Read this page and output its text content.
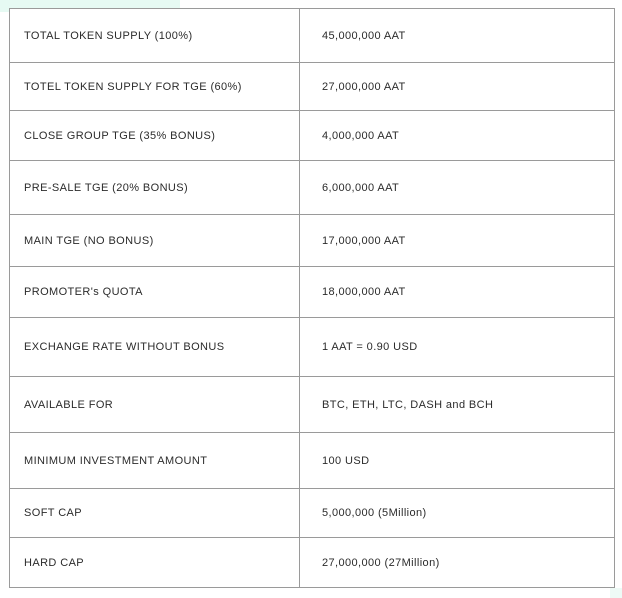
TOTAL TOKEN SUPPLY (100%)	45,000,000 AAT
TOTEL TOKEN SUPPLY FOR TGE (60%)	27,000,000 AAT
CLOSE GROUP TGE (35% BONUS)	4,000,000 AAT
PRE-SALE TGE (20% BONUS)	6,000,000 AAT
MAIN TGE (NO BONUS)	17,000,000 AAT
PROMOTER's QUOTA	18,000,000 AAT
EXCHANGE RATE WITHOUT BONUS	1 AAT = 0.90 USD
AVAILABLE FOR	BTC, ETH, LTC, DASH and BCH
MINIMUM INVESTMENT AMOUNT	100 USD
SOFT CAP	5,000,000 (5Million)
HARD CAP	27,000,000 (27Million)
